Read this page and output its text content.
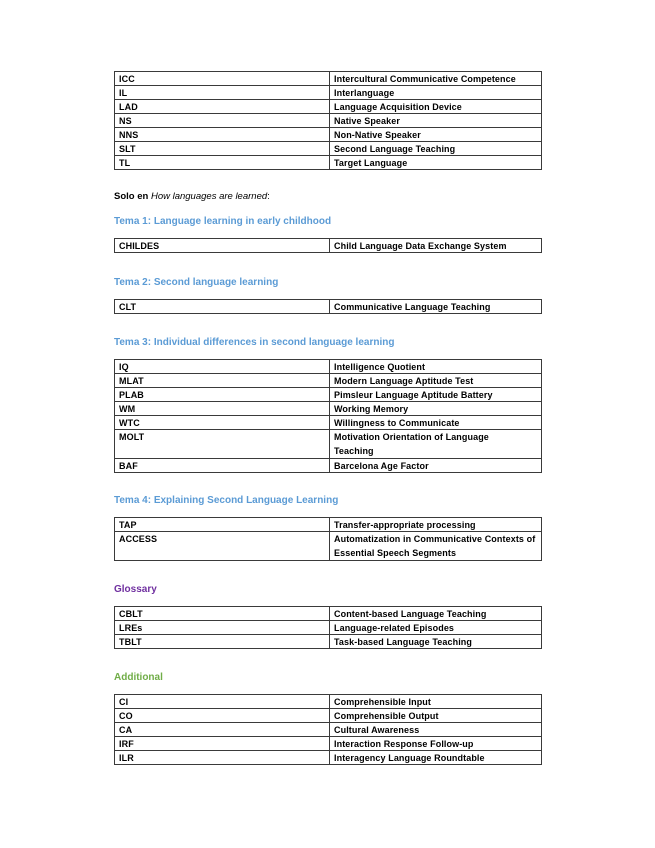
ICC	Intercultural Communicative Competence
IL	Interlanguage
LAD	Language Acquisition Device
NS	Native Speaker
NNS	Non-Native Speaker
SLT	Second Language Teaching
TL	Target Language
Solo en How languages are learned:
Tema 1: Language learning in early childhood
CHILDES	Child Language Data Exchange System
Tema 2: Second language learning
CLT	Communicative Language Teaching
Tema 3: Individual differences in second language learning
IQ	Intelligence Quotient
MLAT	Modern Language Aptitude Test
PLAB	Pimsleur Language Aptitude Battery
WM	Working Memory
WTC	Willingness to Communicate
MOLT	Motivation Orientation of Language Teaching
BAF	Barcelona Age Factor
Tema 4: Explaining Second Language Learning
TAP	Transfer-appropriate processing
ACCESS	Automatization in Communicative Contexts of Essential Speech Segments
Glossary
CBLT	Content-based Language Teaching
LREs	Language-related Episodes
TBLT	Task-based Language Teaching
Additional
CI	Comprehensible Input
CO	Comprehensible Output
CA	Cultural Awareness
IRF	Interaction Response Follow-up
ILR	Interagency Language Roundtable
